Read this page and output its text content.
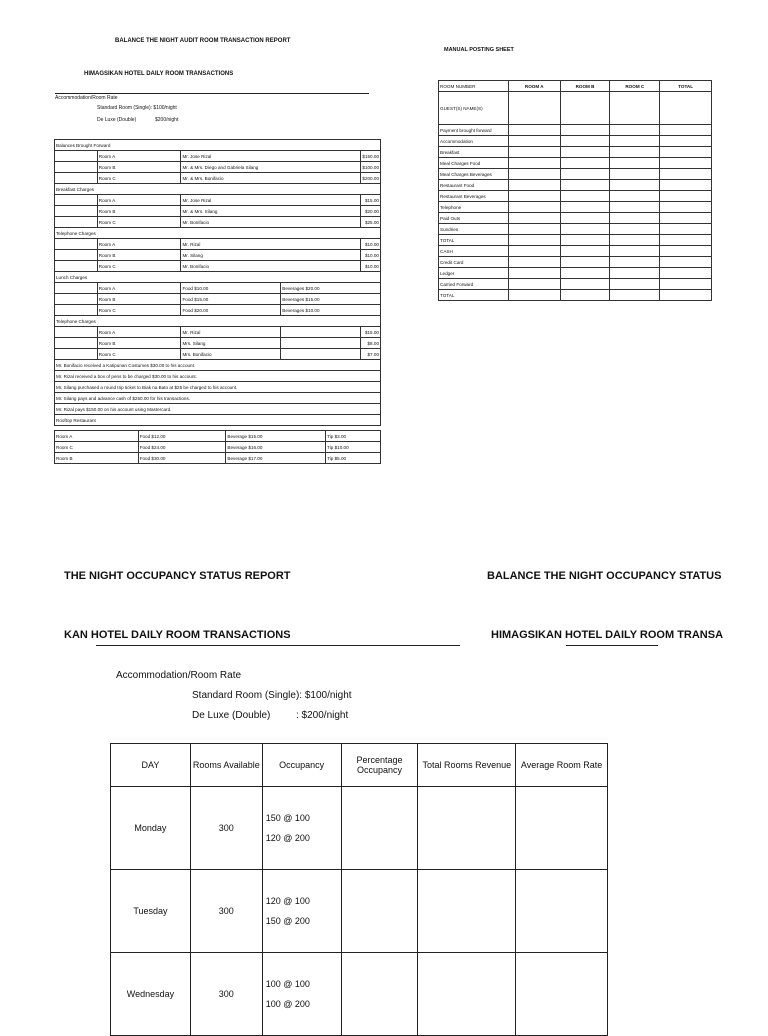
BALANCE THE NIGHT AUDIT ROOM TRANSACTION REPORT
HIMAGSIKAN HOTEL DAILY ROOM TRANSACTIONS
Accommodation/Room Rate
Standard Room (Single): $100/night
De Luxe (Double)	$200/night
Balances Brought Forward				
	Room A	Mr. Jose Rizal		$150.00
	Room B	Mr. & Mrs. Diego and Gabriela Silang		$100.00
	Room C	Mr. & Mrs. Bonifacio		$200.00
Breakfast Charges				
	Room A	Mr. Jose Rizal		$15.00
	Room B	Mr. & Mrs. Silang		$20.00
	Room C	Mr. Bonifacio		$25.00
Telephone Charges				
	Room A	Mr. Rizal		$10.00
	Room B	Mr. Silang		$10.00
	Room C	Mr. Bonifacio		$10.00
Lunch Charges				
	Room A	Food $10.00	Beverages $20.00	
	Room B	Food $15.00	Beverages $15.00	
	Room C	Food $20.00	Beverages $10.00	
Telephone Charges				
	Room A	Mr. Rizal		$15.00
	Room B	Mrs. Silang		$8.00
	Room C	Mrs. Bonifacio		$7.00
Mr. Bonifacio received a Katipunan Costumes $30.00 to his account.				
Mr. Rizal received a box of pens to be charged $30.00 to his account.				
Mr. Silang purchased a round trip ticket to Biak na Bato at $25 be charged to his account.				
Mr. Silang pays and advance cash of $250.00 for his transactions.				
Mr. Rizal pays $150.00 on his account using Mastercard.				
Rooftop Restaurant				
Room A	Food $12.00	Beverage $15.00	Tip $3.00
Room C	Food $24.00	Beverage $16.00	Tip $10.00
Room B	Food $30.00	Beverage $17.00	Tip $5.00
MANUAL POSTING SHEET
ROOM NUMBER	ROOM A	ROOM B	ROOM C	TOTAL
GUEST(S) NAME(S)				
Payment brought forward				
Accommodation				
Breakfast				
Meal Charges Food				
Meal Charges Beverages				
Restaurant Food				
Restaurant Beverages				
Telephone				
Paid Outs				
Sundries				
TOTAL				
CASH				
Credit Card				
Ledger				
Carried Forward				
TOTAL				
THE NIGHT OCCUPANCY STATUS REPORT	BALANCE THE NIGHT OCCUPANCY STATUS
KAN HOTEL DAILY ROOM TRANSACTIONS	HIMAGSIKAN HOTEL DAILY ROOM TRANSA
Accommodation/Room Rate
Standard Room (Single): $100/night
De Luxe (Double)	: $200/night
DAY	Rooms Available	Occupancy	Percentage Occupancy	Total Rooms Revenue	Average Room Rate
Monday	300	150 @ 100
120 @ 200			

Tuesday	300	120 @ 100
150 @ 200			

Wednesday	300	100 @ 100
100 @ 200			
